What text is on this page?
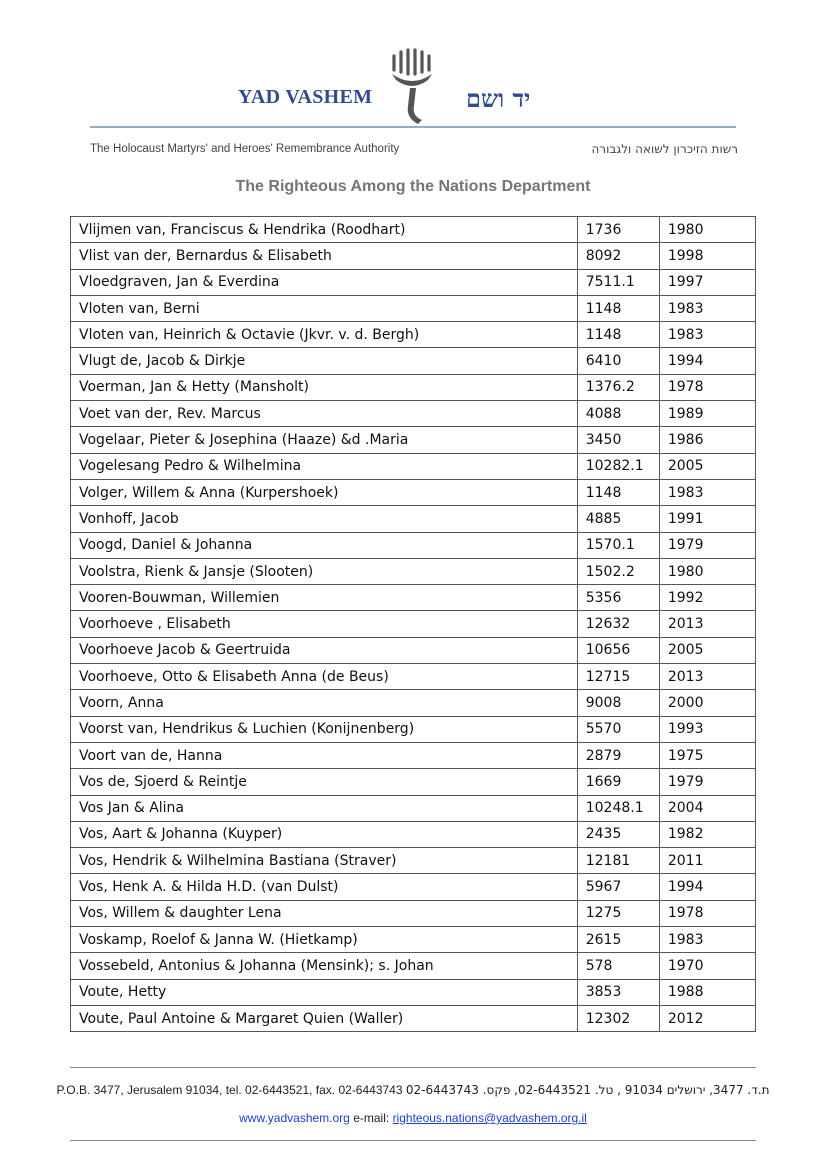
YAD VASHEM	יד ושם
The Holocaust Martyrs' and Heroes' Remembrance Authority	רשות הזיכרון לשואה ולגבורה
The Righteous Among the Nations Department
Vlijmen van, Franciscus & Hendrika (Roodhart)	1736	1980
Vlist van der, Bernardus & Elisabeth	8092	1998
Vloedgraven, Jan & Everdina	7511.1	1997
Vloten van, Berni	1148	1983
Vloten van, Heinrich & Octavie (Jkvr. v. d. Bergh)	1148	1983
Vlugt de, Jacob & Dirkje	6410	1994
Voerman, Jan & Hetty (Mansholt)	1376.2	1978
Voet van der, Rev. Marcus	4088	1989
Vogelaar, Pieter & Josephina (Haaze) &d .Maria	3450	1986
Vogelesang Pedro & Wilhelmina	10282.1	2005
Volger, Willem & Anna (Kurpershoek)	1148	1983
Vonhoff, Jacob	4885	1991
Voogd, Daniel & Johanna	1570.1	1979
Voolstra, Rienk & Jansje (Slooten)	1502.2	1980
Vooren-Bouwman, Willemien	5356	1992
Voorhoeve , Elisabeth	12632	2013
Voorhoeve Jacob & Geertruida	10656	2005
Voorhoeve, Otto & Elisabeth Anna (de Beus)	12715	2013
Voorn, Anna	9008	2000
Voorst van, Hendrikus & Luchien (Konijnenberg)	5570	1993
Voort van de, Hanna	2879	1975
Vos de, Sjoerd & Reintje	1669	1979
Vos Jan & Alina	10248.1	2004
Vos, Aart & Johanna (Kuyper)	2435	1982
Vos, Hendrik & Wilhelmina Bastiana (Straver)	12181	2011
Vos, Henk A. & Hilda H.D. (van Dulst)	5967	1994
Vos, Willem & daughter Lena	1275	1978
Voskamp, Roelof & Janna W. (Hietkamp)	2615	1983
Vossebeld, Antonius & Johanna (Mensink); s. Johan	578	1970
Voute, Hetty	3853	1988
Voute, Paul Antoine & Margaret Quien (Waller)	12302	2012
P.O.B. 3477, Jerusalem 91034, tel. 02-6443521, fax. 02-6443743 ת.ד. 3477, ירושלים 91034 , טל. 02-6443521, פקס. 02-6443743
www.yadvashem.org e-mail: righteous.nations@yadvashem.org.il
